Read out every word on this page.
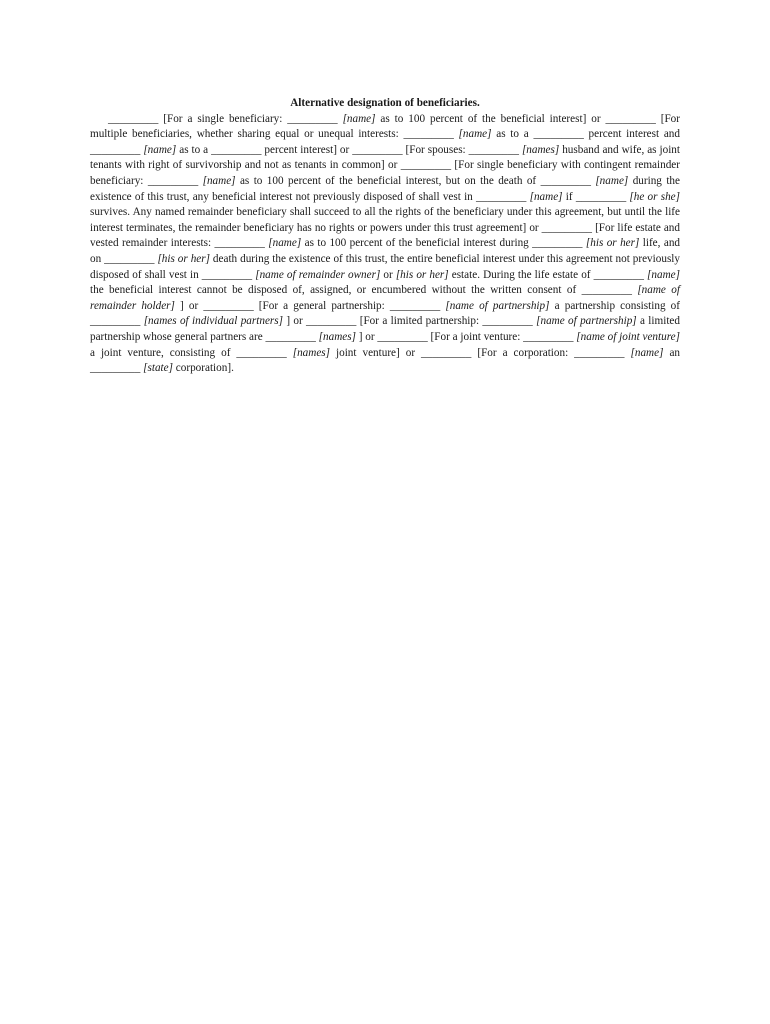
Alternative designation of beneficiaries.

_________ [For a single beneficiary: _________ [name] as to 100 percent of the beneficial interest] or _________ [For multiple beneficiaries, whether sharing equal or unequal interests: _________ [name] as to a _________ percent interest and _________ [name] as to a _________ percent interest] or _________ [For spouses: _________ [names] husband and wife, as joint tenants with right of survivorship and not as tenants in common] or _________ [For single beneficiary with contingent remainder beneficiary: _________ [name] as to 100 percent of the beneficial interest, but on the death of _________ [name] during the existence of this trust, any beneficial interest not previously disposed of shall vest in _________ [name] if _________ [he or she] survives. Any named remainder beneficiary shall succeed to all the rights of the beneficiary under this agreement, but until the life interest terminates, the remainder beneficiary has no rights or powers under this trust agreement] or _________ [For life estate and vested remainder interests: _________ [name] as to 100 percent of the beneficial interest during _________ [his or her] life, and on _________ [his or her] death during the existence of this trust, the entire beneficial interest under this agreement not previously disposed of shall vest in _________ [name of remainder owner] or [his or her] estate. During the life estate of _________ [name] the beneficial interest cannot be disposed of, assigned, or encumbered without the written consent of _________ [name of remainder holder] ] or _________ [For a general partnership: _________ [name of partnership] a partnership consisting of _________ [names of individual partners] ] or _________ [For a limited partnership: _________ [name of partnership] a limited partnership whose general partners are _________ [names] ] or _________ [For a joint venture: _________ [name of joint venture] a joint venture, consisting of _________ [names] joint venture] or _________ [For a corporation: _________ [name] an _________ [state] corporation].
